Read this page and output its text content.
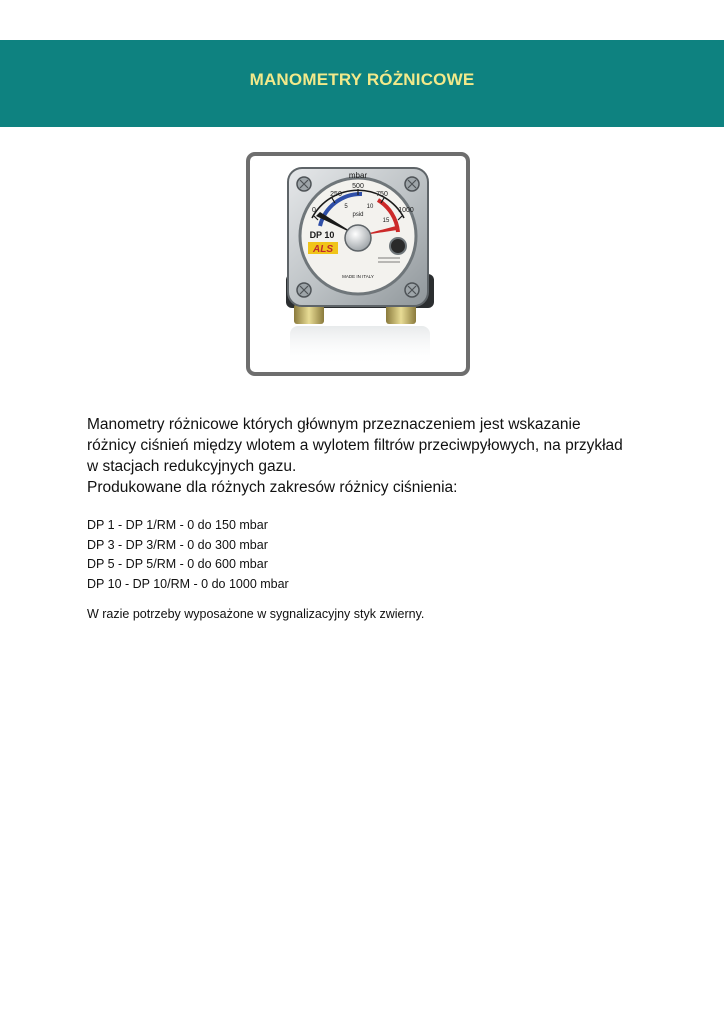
MANOMETRY RÓŻNICOWE
0
250
500
750
1000
mbar
5	10
15
psid
DP 10
MADE IN ITALY
ALS

Manometry różnicowe których głównym przeznaczeniem jest wskazanie

różnicy ciśnień między wlotem a wylotem filtrów przeciwpyłowych, na przykład

w stacjach redukcyjnych gazu.

Produkowane dla różnych zakresów różnicy ciśnienia:

DP 1 - DP 1/RM - 0 do 150 mbar
DP 3 - DP 3/RM - 0 do 300 mbar
DP 5 - DP 5/RM - 0 do 600 mbar
DP 10 - DP 10/RM - 0 do 1000 mbar
W razie potrzeby wyposażone w sygnalizacyjny styk zwierny.
